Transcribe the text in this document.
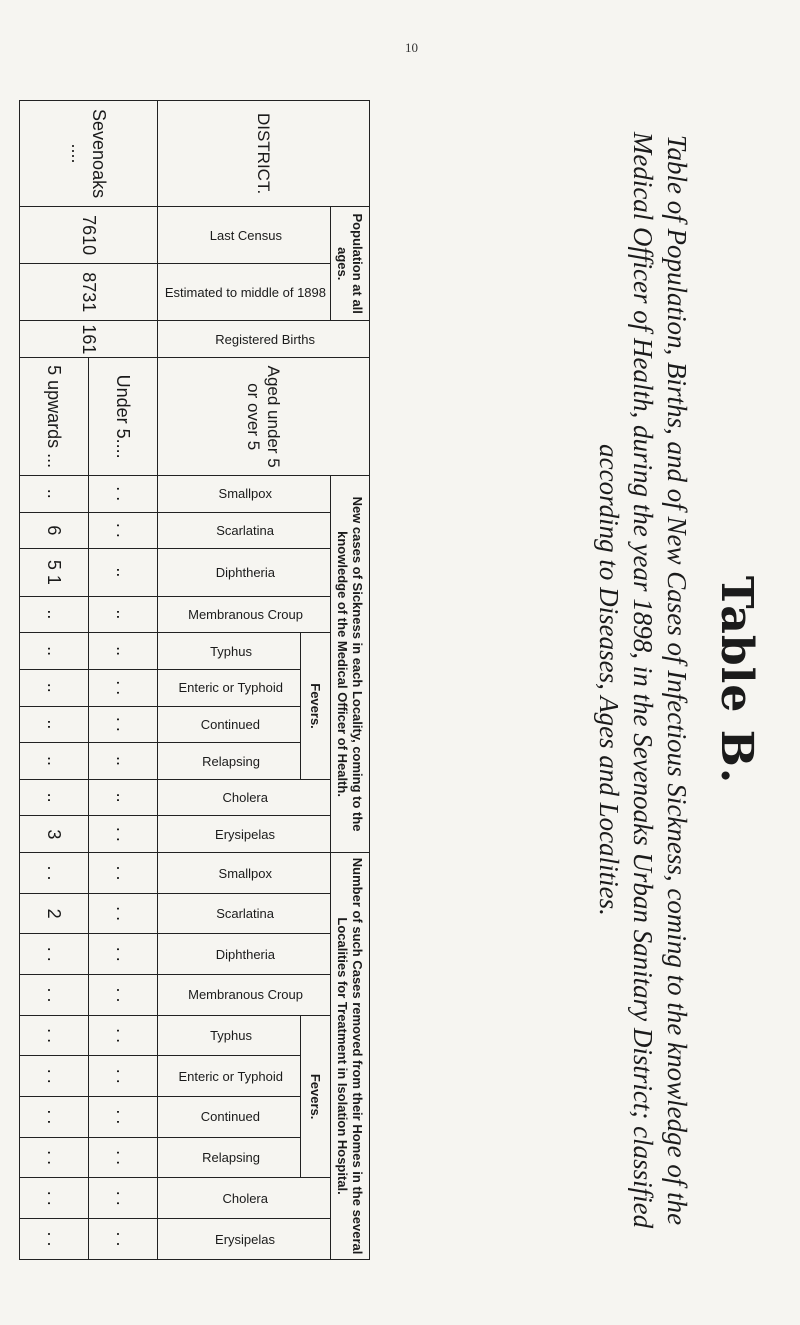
10
Table B.
Table of Population, Births, and of New Cases of Infectious Sickness, coming to the knowledge of the Medical Officer of Health, during the year 1898, in the Sevenoaks Urban Sanitary District; classified according to Diseases, Ages and Localities.
DISTRICT.	Population at all ages.		Registered Births	Aged under 5 or over 5	New cases of Sickness in each Locality, coming to the knowledge of the Medical Officer of Health.										Number of such Cases removed from their Homes in the several Localities for Treatment in Isolation Hospital.									
	Last Census	Estimated to middle of 1898			Smallpox	Scarlatina	Diphtheria	Membranous Croup	Fevers.				Cholera	Erysipelas	Smallpox	Scarlatina	Diphtheria	Membranous Croup	Fevers.				Cholera	Erysipelas
									Typhus	Enteric or Typhoid	Continued	Relapsing							Typhus	Enteric or Typhoid	Continued	Relapsing		
Sevenoaks ....	7610	8731	161	Under 5....	. .	. .	..	..	..	. .	. .	..	..	. .	. .	. .	. .	. .	. .	. .	. .	. .	. .	. .
				5 upwards ...	..	6	5 1	..	..	..	..	..	..	3	. .	2	. .	. .	. .	. .	. .	. .	. .	. .
